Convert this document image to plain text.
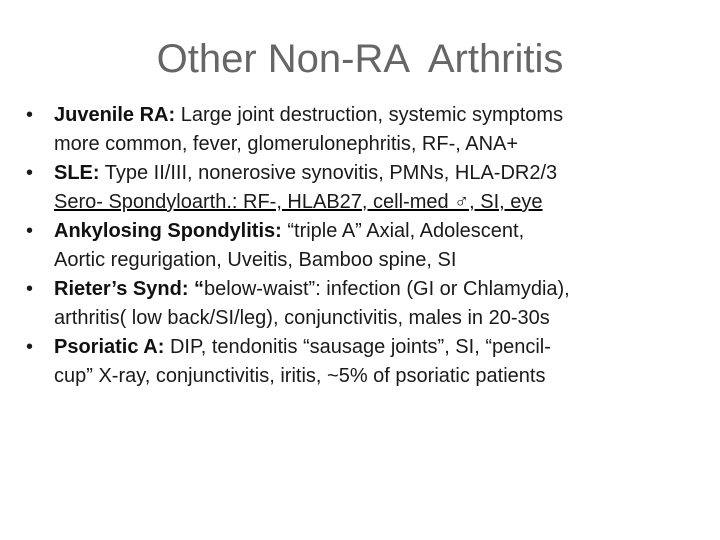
Other Non-RA  Arthritis
• Juvenile RA: Large joint destruction, systemic symptoms
more common, fever, glomerulonephritis, RF-, ANA+
• SLE: Type II/III, nonerosive synovitis, PMNs, HLA-DR2/3
Sero- Spondyloarth.: RF-, HLAB27, cell-med ♂, SI, eye
• Ankylosing Spondylitis: “triple A” Axial, Adolescent,
Aortic regurigation, Uveitis, Bamboo spine, SI
• Rieter’s Synd: “below-waist”: infection (GI or Chlamydia),
arthritis( low back/SI/leg), conjunctivitis, males in 20-30s
• Psoriatic A: DIP, tendonitis “sausage joints”, SI, “pencil-
cup” X-ray, conjunctivitis, iritis, ~5% of psoriatic patients
